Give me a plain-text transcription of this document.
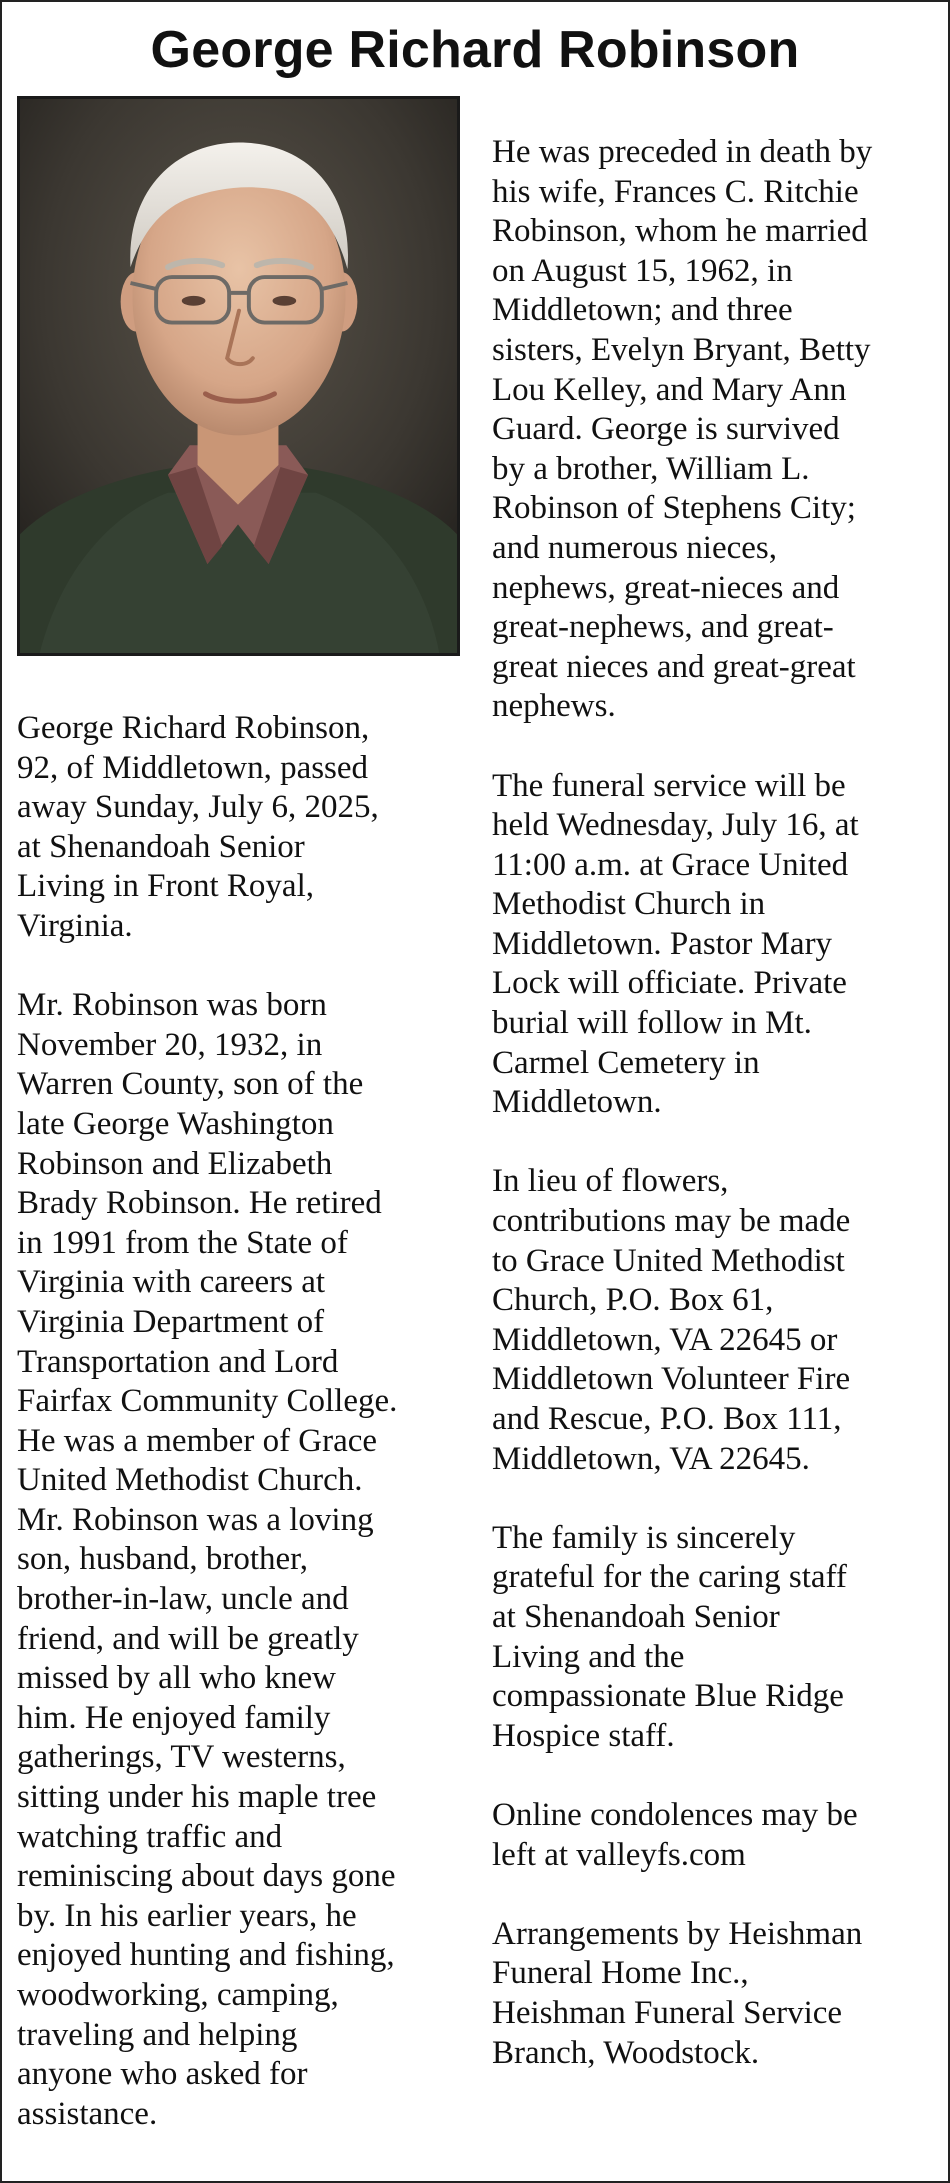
George Richard Robinson

George Richard Robinson,
92, of Middletown, passed
away Sunday, July 6, 2025,
at Shenandoah Senior
Living in Front Royal,
Virginia.

Mr. Robinson was born
November 20, 1932, in
Warren County, son of the
late George Washington
Robinson and Elizabeth
Brady Robinson. He retired
in 1991 from the State of
Virginia with careers at
Virginia Department of
Transportation and Lord
Fairfax Community College.
He was a member of Grace
United Methodist Church.
Mr. Robinson was a loving
son, husband, brother,
brother-in-law, uncle and
friend, and will be greatly
missed by all who knew
him. He enjoyed family
gatherings, TV westerns,
sitting under his maple tree
watching traffic and
reminiscing about days gone
by. In his earlier years, he
enjoyed hunting and fishing,
woodworking, camping,
traveling and helping
anyone who asked for
assistance.

He was preceded in death by
his wife, Frances C. Ritchie
Robinson, whom he married
on August 15, 1962, in
Middletown; and three
sisters, Evelyn Bryant, Betty
Lou Kelley, and Mary Ann
Guard. George is survived
by a brother, William L.
Robinson of Stephens City;
and numerous nieces,
nephews, great-nieces and
great-nephews, and great-
great nieces and great-great
nephews.

The funeral service will be
held Wednesday, July 16, at
11:00 a.m. at Grace United
Methodist Church in
Middletown. Pastor Mary
Lock will officiate. Private
burial will follow in Mt.
Carmel Cemetery in
Middletown.

In lieu of flowers,
contributions may be made
to Grace United Methodist
Church, P.O. Box 61,
Middletown, VA 22645 or
Middletown Volunteer Fire
and Rescue, P.O. Box 111,
Middletown, VA 22645.

The family is sincerely
grateful for the caring staff
at Shenandoah Senior
Living and the
compassionate Blue Ridge
Hospice staff.

Online condolences may be
left at valleyfs.com

Arrangements by Heishman
Funeral Home Inc.,
Heishman Funeral Service
Branch, Woodstock.
